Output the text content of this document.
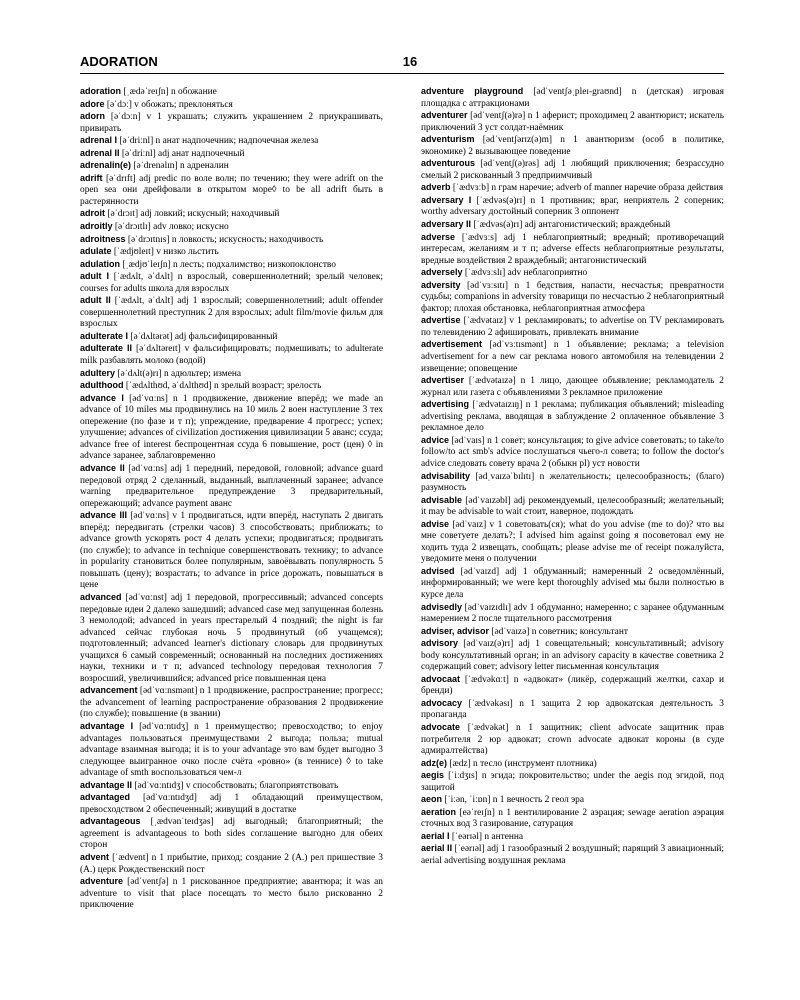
ADORATION	16

adoration [ˌædəˈreɪʃn] n обожание

adore [əˈdɔː] v обожать; преклоняться

adorn [əˈdɔːn] v 1 украшать; служить украшением 2 приукрашивать, привирать

adrenal I [əˈdriːnl] n анат надпочечник; надпочечная железа

adrenal II [əˈdriːnl] adj анат надпочечный

adrenalin(e) [əˈdrenəlɪn] n адреналин

adrift [əˈdrɪft] adj predic по воле волн; по течению; they were adrift on the open sea они дрейфовали в открытом море◊ to be all adrift быть в растерянности

adroit [əˈdrɔɪt] adj ловкий; искусный; находчивый

adroitly [əˈdrɔɪtlɪ] adv ловко; искусно

adroitness [əˈdrɔɪtnɪs] n ловкость; искусность; находчивость

adulate [ˈædjʊleɪt] v низко льстить

adulation [ˌædjʊˈleɪʃn] n лесть; подхалимство; низкопоклонство

adult I [ˈædʌlt, əˈdʌlt] n взрослый, совершеннолетний; зрелый человек; courses for adults школа для взрослых

adult II [ˈædʌlt, əˈdʌlt] adj 1 взрослый; совершеннолетний; adult offender совершеннолетний преступник 2 для взрослых; adult film/movie фильм для взрослых

adulterate I [əˈdʌltərət] adj фальсифицированный

adulterate II [əˈdʌltəreɪt] v фальсифицировать; подмешивать; to adulterate milk разбавлять молоко (водой)

adultery [əˈdʌlt(ə)rɪ] n адюльтер; измена

adulthood [ˈædʌlthʊd, əˈdʌlthʊd] n зрелый возраст; зрелость

advance I [ədˈvɑːns] n 1 продвижение, движение вперёд; we made an advance of 10 miles мы продвинулись на 10 миль 2 воен наступление 3 тех опережение (по фазе и т п); упреждение, предварение 4 прогресс; успех; улучшение; advances of civilization достижения цивилизации 5 аванс; ссуда; advance free of interest беспроцентная ссуда 6 повышение, рост (цен) ◊ in advance заранее, заблаговременно

advance II [ədˈvɑːns] adj 1 передний, передовой, головной; advance guard передовой отряд 2 сделанный, выданный, выплаченный заранее; advance warning предварительное предупреждение 3 предварительный, опережающий; advance payment аванс

advance III [ədˈvɑːns] v 1 продвигаться, идти вперёд, наступать 2 двигать вперёд; передвигать (стрелки часов) 3 способствовать; приближать; to advance growth ускорять рост 4 делать успехи; продвигаться; продвигать (по службе); to advance in technique совершенствовать технику; to advance in popularity становиться более популярным, завоёвывать популярность 5 повышать (цену); возрастать; to advance in price дорожать, повышаться в цене

advanced [ədˈvɑːnst] adj 1 передовой, прогрессивный; advanced concepts передовые идеи 2 далеко зашедший; advanced case мед запущенная болезнь 3 немолодой; advanced in years престарелый 4 поздний; the night is far advanced сейчас глубокая ночь 5 продвинутый (об учащемся); подготовленный; advanced learner's dictionary словарь для продвинутых учащихся 6 самый современный; основанный на последних достижениях науки, техники и т п; advanced technology передовая технология 7 возросший, увеличившийся; advanced price повышенная цена

advancement [ədˈvɑːnsmənt] n 1 продвижение, распространение; прогресс; the advancement of learning распространение образования 2 продвижение (по службе); повышение (в звании)

advantage I [ədˈvɑːntɪdʒ] n 1 преимущество; превосходство; to enjoy advantages пользоваться преимуществами 2 выгода; польза; mutual advantage взаимная выгода; it is to your advantage это вам будет выгодно 3 следующее выигранное очко после счёта «ровно» (в теннисе) ◊ to take advantage of smth воспользоваться чем-л

advantage II [ədˈvɑːntɪdʒ] v способствовать; благоприятствовать

advantaged [ədˈvɑːntɪdʒd] adj 1 обладающий преимуществом, превосходством 2 обеспеченный; живущий в достатке

advantageous [ˌædvənˈteɪdʒəs] adj выгодный; благоприятный; the agreement is advantageous to both sides соглашение выгодно для обеих сторон

advent [ˈædvent] n 1 прибытие, приход; создание 2 (A.) рел пришествие 3 (A.) церк Рождественский пост

adventure [ədˈventʃə] n 1 рискованное предприятие; авантюра; it was an adventure to visit that place посещать то место было рискованно 2 приключение

adventure playground [ədˈventʃəˌpleɪ-graʊnd] n (детская) игровая площадка с аттракционами

adventurer [ədˈventʃ(ə)rə] n 1 аферист; проходимец 2 авантюрист; искатель приключений 3 уст солдат-наёмник

adventurism [ədˈventʃərɪz(ə)m] n 1 авантюризм (особ в политике, экономике) 2 вызывающее поведение

adventurous [ədˈventʃ(ə)rəs] adj 1 любящий приключения; безрассудно смелый 2 рискованный 3 предприимчивый

adverb [ˈædvɜːb] n грам наречие; adverb of manner наречие образа действия

adversary I [ˈædvəs(ə)rɪ] n 1 противник; враг, неприятель 2 соперник; worthy adversary достойный соперник 3 оппонент

adversary II [ˈædvəs(ə)rɪ] adj антагонистический; враждебный

adverse [ˈædvɜːs] adj 1 неблагоприятный; вредный; противоречащий интересам, желаниям и т п; adverse effects неблагоприятные результаты, вредные воздействия 2 враждебный; антагонистический

adversely [ˈædvɜːslɪ] adv неблагоприятно

adversity [ədˈvɜːsɪtɪ] n 1 бедствия, напасти, несчастья; превратности судьбы; companions in adversity товарищи по несчастью 2 неблагоприятный фактор; плохая обстановка, неблагоприятная атмосфера

advertise [ˈædvətaɪz] v 1 рекламировать; to advertise on TV рекламировать по телевидению 2 афишировать, привлекать внимание

advertisement [ədˈvɜːtɪsmənt] n 1 объявление; реклама; a television advertisement for a new car реклама нового автомобиля на телевидении 2 извещение; оповещение

advertiser [ˈædvətaɪzə] n 1 лицо, дающее объявление; рекламодатель 2 журнал или газета с объявлениями 3 рекламное приложение

advertising [ˈædvətaɪzɪŋ] n 1 реклама; публикация объявлений; misleading advertising реклама, вводящая в заблуждение 2 оплаченное объявление 3 рекламное дело

advice [ədˈvaɪs] n 1 совет; консультация; to give advice советовать; to take/to follow/to act smb's advice послушаться чьего-л совета; to follow the doctor's advice следовать совету врача 2 (обыкн pl) уст новости

advisability [ədˌvaɪzəˈbɪlɪtɪ] n желательность; целесообразность; (благо) разумность

advisable [ədˈvaɪzəbl] adj рекомендуемый, целесообразный; желательный; it may be advisable to wait стоит, наверное, подождать

advise [ədˈvaɪz] v 1 советовать(ся); what do you advise (me to do)? что вы мне советуете делать?; I advised him against going я посоветовал ему не ходить туда 2 извещать, сообщать; please advise me of receipt пожалуйста, уведомите меня о получении

advised [ədˈvaɪzd] adj 1 обдуманный; намеренный 2 осведомлённый, информированный; we were kept thoroughly advised мы были полностью в курсе дела

advisedly [ədˈvaɪzɪdlɪ] adv 1 обдуманно; намеренно; с заранее обдуманным намерением 2 после тщательного рассмотрения

adviser, advisor [ədˈvaɪzə] n советник; консультант

advisory [ədˈvaɪz(ə)rɪ] adj 1 совещательный; консультативный; advisory body консультативный орган; in an advisory capacity в качестве советника 2 содержащий совет; advisory letter письменная консультация

advocaat [ˈædvəkɑːt] n «адвокат» (ликёр, содержащий желтки, сахар и бренди)

advocacy [ˈædvəkəsɪ] n 1 защита 2 юр адвокатская деятельность 3 пропаганда

advocate [ˈædvəkət] n 1 защитник; client advocate защитник прав потребителя 2 юр адвокат; crown advocate адвокат короны (в суде адмиралтейства)

adz(e) [ædz] n тесло (инструмент плотника)

aegis [ˈiːdʒɪs] n эгида; покровительство; under the aegis под эгидой, под защитой

aeon [ˈiːən, ˈiːɒn] n 1 вечность 2 геол эра

aeration [eəˈreɪʃn] n 1 вентилирование 2 аэрация; sewage aeration аэрация сточных вод 3 газирование, сатурация

aerial I [ˈeərɪəl] n антенна

aerial II [ˈeərɪəl] adj 1 газообразный 2 воздушный; парящий 3 авиационный; aerial advertising воздушная реклама
